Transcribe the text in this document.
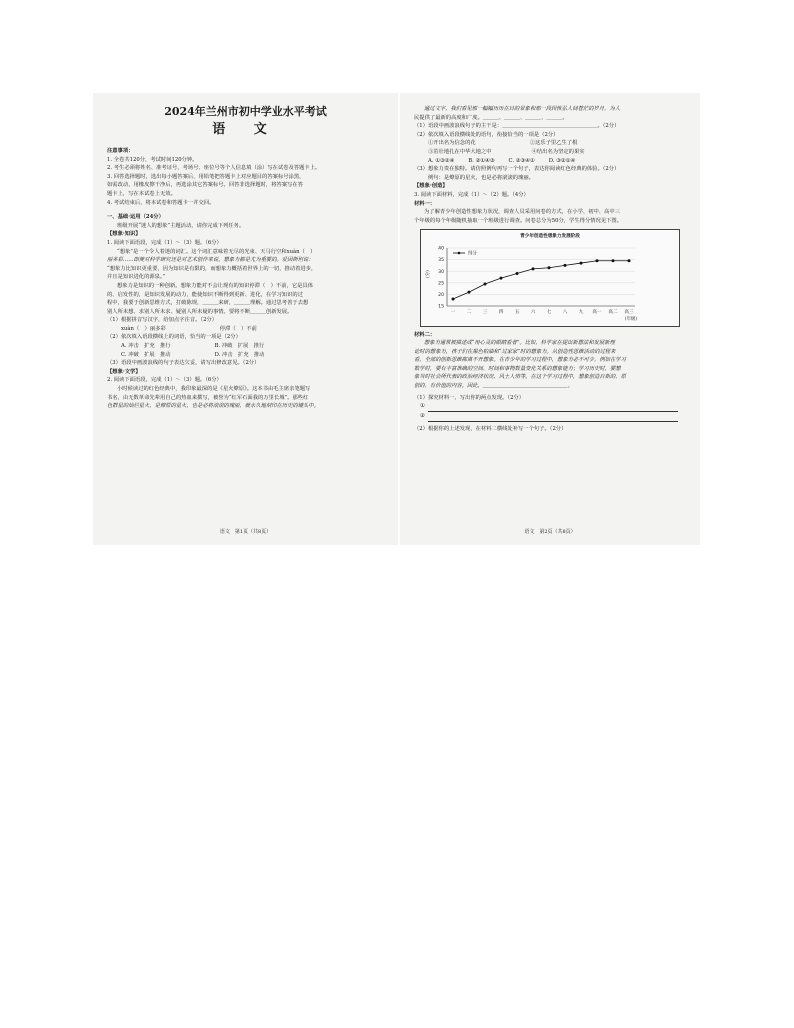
2024年兰州市初中学业水平考试
语 文
注意事项：
1. 全卷共120分，考试时间120分钟。
2. 考生必须将姓名、准考证号、考场号、座位号等个人信息填（涂）写在试卷及答题卡上。
3. 回答选择题时，选出每小题答案后，用铅笔把答题卡上对应题目的答案标号涂黑，
如需改动，用橡皮擦干净后，再选涂其它答案标号。回答非选择题时，将答案写在答
题卡上，写在本试卷上无效。
4. 考试结束后，将本试卷和答题卡一并交回。
一、基础·运用（24分）
班级开展“迷人的想象”主题活动，请你完成下列任务。
【想象·知识】
1. 阅读下面语段，完成（1）～（3）题。（6分）
“想象”是一个令人着迷的词汇。这个词汇意味着无尽的光束、天马行空和xuàn（　）
丽多彩……即使对科学研究还是对艺术创作来说，想象力都是尤为重要的。爱因斯坦说：
“想象力比知识更重要，因为知识是有限的，而想象力概括着世界上的一切，推动着进步，
并且是知识进化的源泉。”
想象力是知识的一种创新。想象力能对不会让现有的知识停滞（　）不前，它是具体
的、启发性的，是知识发展的动力，能使知识不断得到更新、进化，在学习知识的过
程中，我要于创新思维方式，打破陈规，＿＿＿来研，＿＿＿理解。通过思考善于去想
别人所未想、求别人所未求、疑别人所未疑的事情。要将不断＿＿＿创新发展。
（1）根据拼音写汉字，给加点字注音。（2分）
xuàn（　）丽多彩	停滞（　）不前
（2）依次填入语段横线上的词语，恰当的一项是（2分）
A. 冲击　扩充　推行	B. 冲破　扩展　推行
C. 冲破　扩展　推动	D. 冲击　扩充　推动
（3）语段中画波浪线的句子表达欠妥，请写出修改意见。（2分）
【想象·文学】
2. 阅读下面语段，完成（1）～（3）题。（6分）
小时候读过的红色经典中，我印象最深的是《星火燎原》。这本书由毛主席亲笔题写
书名，由无数革命先辈用自己的热血来撰写，被誉为“红军石面我的万里长城”。那些红
色群星的灿烂星火，是燎原的星火，也是必将滚滚的瑰丽，就永久地刻印在历史的镜头中。
语文　第1页（共8页）
通过文字，我们看见那一幅幅历历在目的景象和那一段段恢弘人间苍茫的岁月，为人
民提供了最新的高度和广度。＿＿＿、＿＿＿、＿＿＿、＿＿＿。
（1）语段中画波浪线句子的主干是：＿＿＿＿＿＿＿＿＿＿＿＿＿＿＿＿＿＿。（2分）
（2）依次填入语段横线处的语句，衔接恰当的一项是（2分）
①开出名为信念的花	②这乐子里乙生了根
③茁壮地扎在中华大地之中	④结出名为坚定的果实
A. ①③②④	B. ②①④③	C. ②③④①	D. ③②①④
（3）想象力贵在独特。请仿照例句再写一个句子，表达你阅读红色经典的体验。（2分）
例句：是燎原的星火，也是必将滚滚的瑰丽。
【想象·创造】
3. 阅读下面材料，完成（1）～（2）题。（4分）
材料一：
为了解青少年创造性想象力状况，调查人员采用问卷的方式，在小学、初中、高中三
个年级的每个年级随机抽取一个班级进行调查。问卷总分为50分，学生得分情况见下图。
青少年创造性想象力发展阶段
15
20
25
30
35
40
(分)
一 二 三 四 五 六 七 八 九 高一 高二 高三
(年级)
得分
材料二：
想象力通常被描述成“用心灵的眼睛看者”。比如，科学家在提出新想法和发展新理
论时的想象力，孩子们在黑色柏油和“过家家”时的想象力。从创造性思维活动的过程来
看，全部的创新思维都离不开想象。在青少年的学习过程中，想象力必不可少，例如在学习
数学时，要有丰富准确的空间、时间和事物数量变化关系的想象能力；学习历史时，要想
象当时社会所代表的政治经济状况、风土人情等。在这个学习过程中，想象创造自新的、原
创的、有价值的内容。因此，＿＿＿＿＿＿＿＿＿＿＿＿＿＿＿＿。
（1）探究材料一，写出你的两点发现。（2分）
①
②
（2）根据你的上述发现，在材料二横线处补写一个句子。（2分）
语文　第2页（共8页）
